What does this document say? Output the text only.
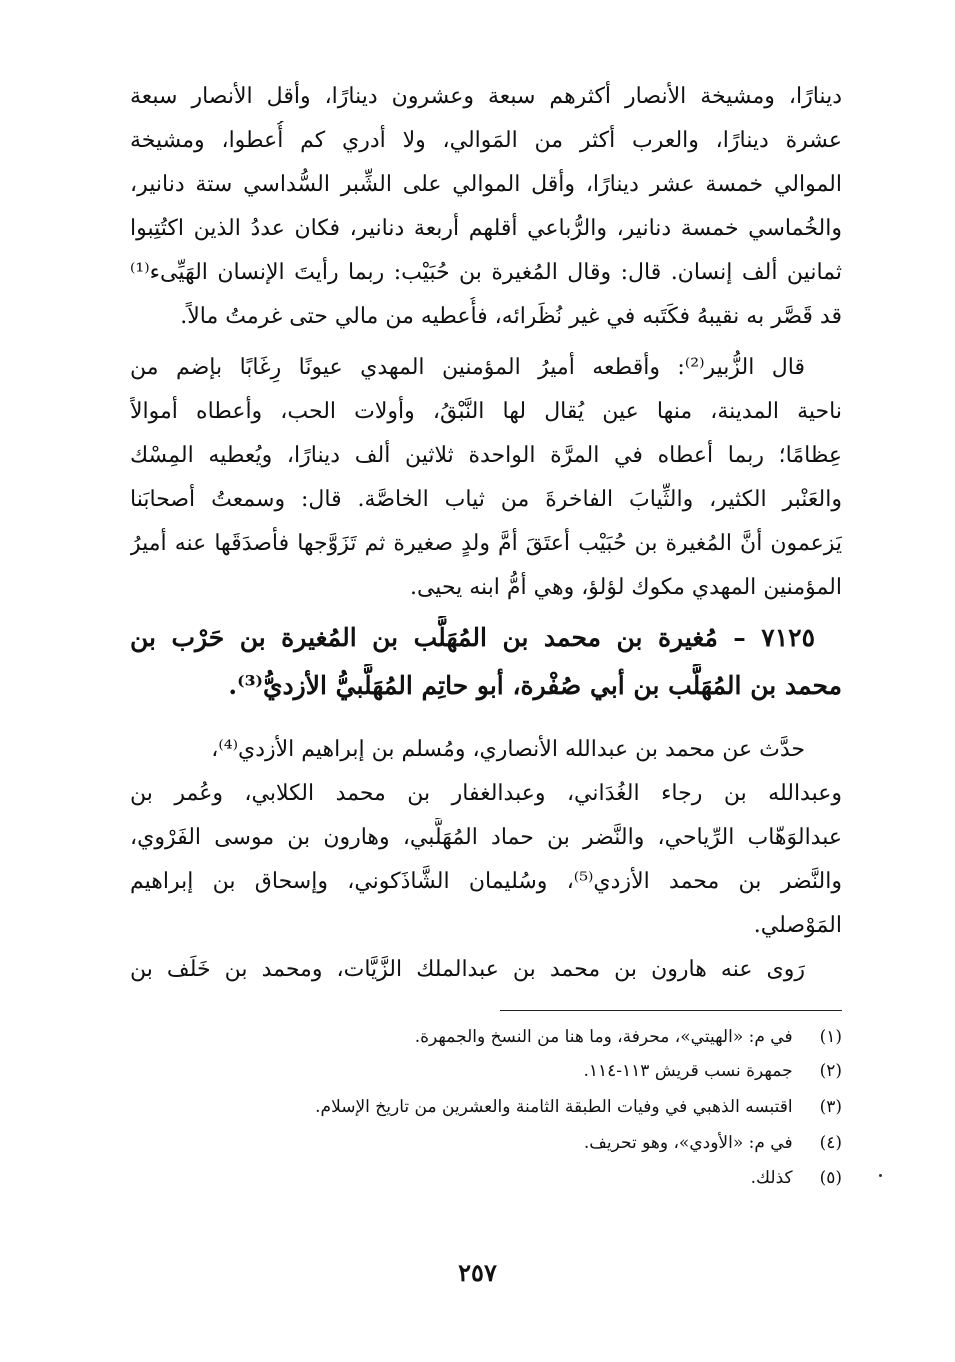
دينارًا، ومشيخة الأنصار أكثرهم سبعة وعشرون دينارًا، وأقل الأنصار سبعة
عشرة دينارًا، والعرب أكثر من المَوالي، ولا أدري كم أُعطوا، ومشيخة
الموالي خمسة عشر دينارًا، وأقل الموالي على الشِّبر السُّداسي ستة دنانير،
والخُماسي خمسة دنانير، والرُّباعي أقلهم أربعة دنانير، فكان عددُ الذين اكتُتِبوا
ثمانين ألف إنسان. قال: وقال المُغيرة بن حُبَيْب: ربما رأيتَ الإنسان الهَيِّىء⁽¹⁾
قد قَصَّر به نقيبهُ فكَتَبه في غير نُظَرائه، فأُعطيه من مالي حتى غرمتُ مالاً.
قال الزُّبير⁽²⁾: وأقطعه أميرُ المؤمنين المهدي عيونًا رِغَابًا بإضم من
ناحية المدينة، منها عين يُقال لها النَّبْقُ، وأولات الحب، وأعطاه أموالاً
عِظامًا؛ ربما أعطاه في المرَّة الواحدة ثلاثين ألف دينارًا، ويُعطيه المِسْك
والعَنْبر الكثير، والثِّيابَ الفاخرةَ من ثياب الخاصَّة. قال: وسمعتُ أصحابَنا
يَزعمون أنَّ المُغيرة بن حُبَيْب أعتَقَ أمَّ ولدٍ صغيرة ثم تَزَوَّجها فأصدَقَها عنه أميرُ
المؤمنين المهدي مكوك لؤلؤ، وهي أمُّ ابنه يحيى.
٧١٢٥ – مُغيرة بن محمد بن المُهَلَّب بن المُغيرة بن حَرْب بن
محمد بن المُهَلَّب بن أبي صُفْرة، أبو حاتِم المُهَلَّبيُّ الأزديُّ⁽³⁾.
حدَّث عن محمد بن عبدالله الأنصاري، ومُسلم بن إبراهيم الأزدي⁽⁴⁾،
وعبدالله بن رجاء الغُدَاني، وعبدالغفار بن محمد الكلابي، وعُمر بن
عبدالوَهّاب الرِّياحي، والنَّضر بن حماد المُهَلَّبي، وهارون بن موسى الفَرْوي،
والنَّضر بن محمد الأزدي⁽⁵⁾، وسُليمان الشَّاذَكوني، وإسحاق بن إبراهيم
المَوْصلي.
رَوى عنه هارون بن محمد بن عبدالملك الزَّيَّات، ومحمد بن خَلَف بن
(١) في م: «الهيتي»، محرفة، وما هنا من النسخ والجمهرة.
(٢) جمهرة نسب قريش ١١٣-١١٤.
(٣) اقتبسه الذهبي في وفيات الطبقة الثامنة والعشرين من تاريخ الإسلام.
(٤) في م: «الأودي»، وهو تحريف.
(٥) كذلك.
٢٥٧
